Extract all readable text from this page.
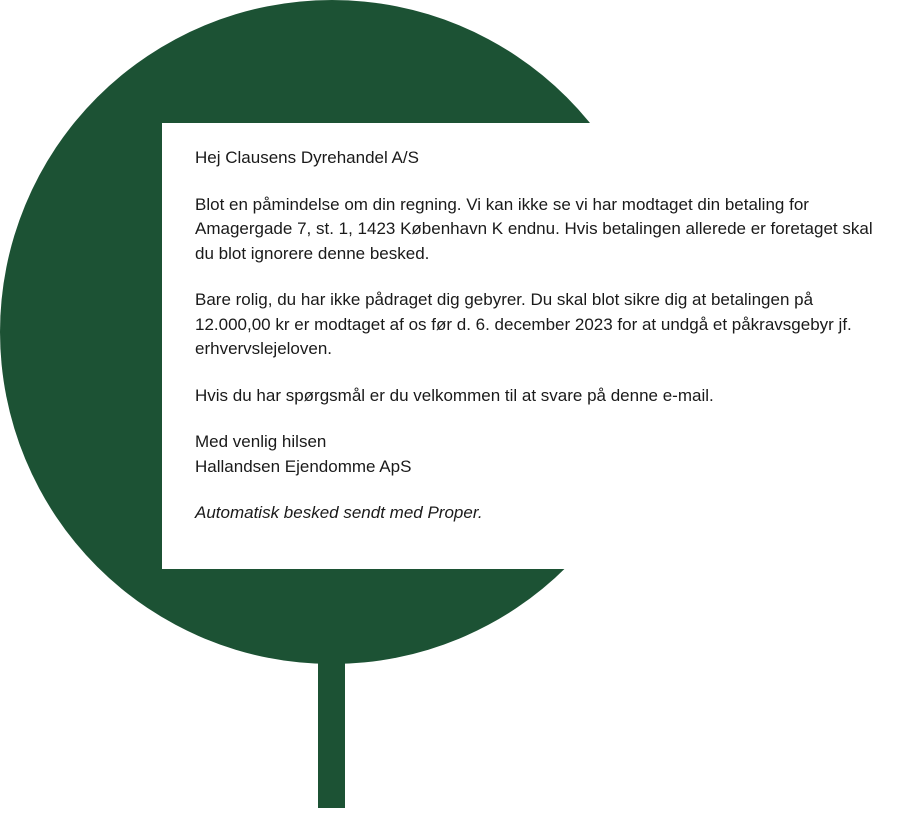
Hej Clausens Dyrehandel A/S

Blot en påmindelse om din regning. Vi kan ikke se vi har modtaget din betaling for Amagergade 7, st. 1, 1423 København K endnu. Hvis betalingen allerede er foretaget skal du blot ignorere denne besked.

Bare rolig, du har ikke pådraget dig gebyrer. Du skal blot sikre dig at betalingen på 12.000,00 kr er modtaget af os før d. 6. december 2023 for at undgå et påkravsgebyr jf. erhvervslejeloven.

Hvis du har spørgsmål er du velkommen til at svare på denne e-mail.

Med venlig hilsen
Hallandsen Ejendomme ApS

Automatisk besked sendt med Proper.
